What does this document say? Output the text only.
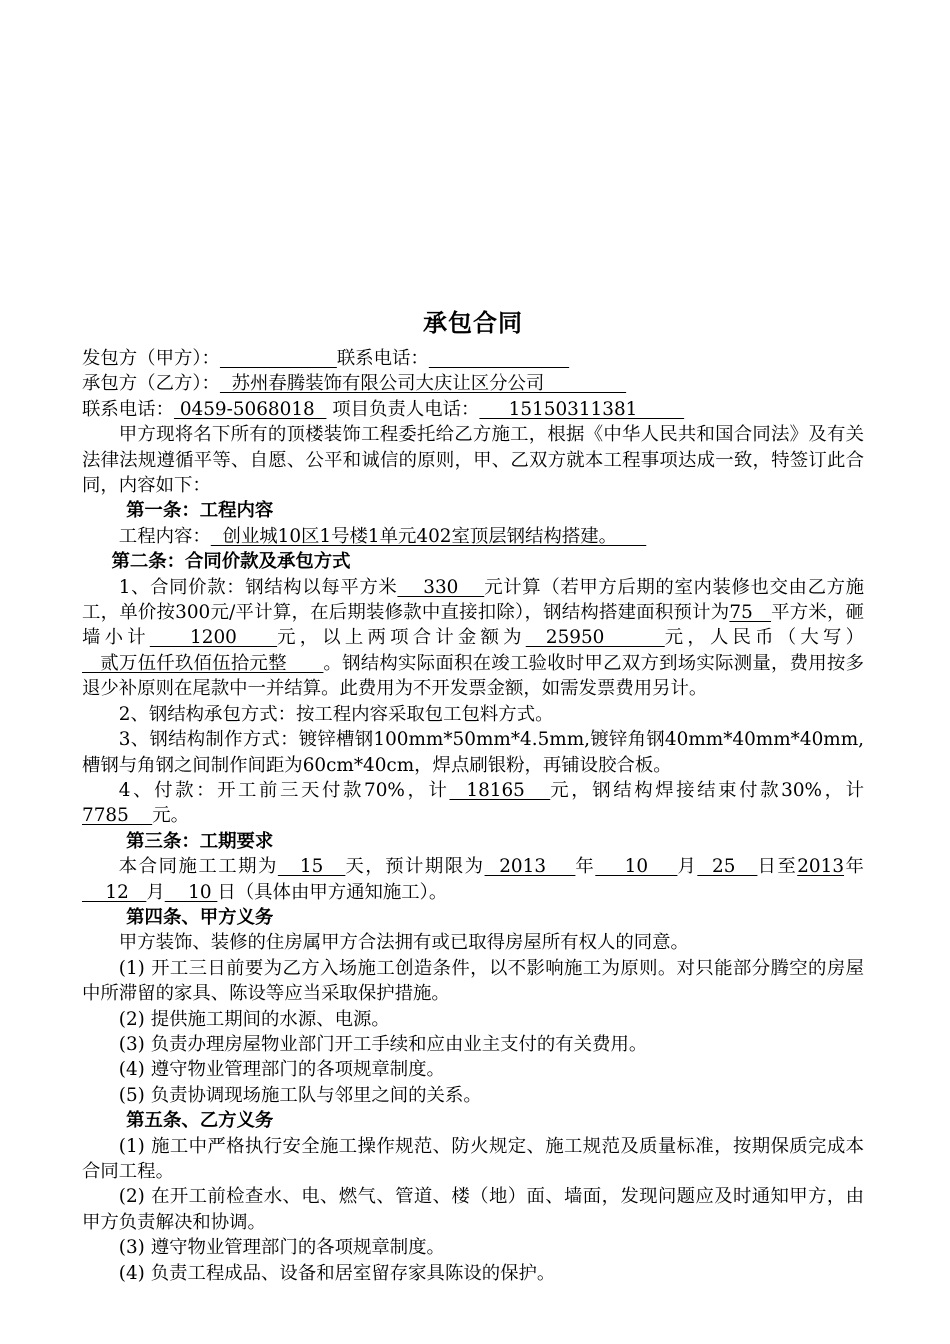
承包合同

发包方（甲方）：	联系电话：

承包方（乙方）：  苏州春腾装饰有限公司大庆让区分公司

联系电话： 0459-5068018   项目负责人电话：     15150311381

甲方现将名下所有的顶楼装饰工程委托给乙方施工，根据《中华人民共和国合同法》及有关法律法规遵循平等、自愿、公平和诚信的原则，甲、乙双方就本工程事项达成一致，特签订此合同，内容如下：

第一条：工程内容

工程内容：  创业城10区1号楼1单元402室顶层钢结构搭建。

第二条：合同价款及承包方式

1、合同价款：钢结构以每平方米    330    元计算（若甲方后期的室内装修也交由乙方施工，单价按300元/平计算，在后期装修款中直接扣除），钢结构搭建面积预计为75   平方米，砸墙小计    1200    元，以上两项合计金额为  25950      元，人民币（大写）   贰万伍仟玖佰伍拾元整      。钢结构实际面积在竣工验收时甲乙双方到场实际测量，费用按多退少补原则在尾款中一并结算。此费用为不开发票金额，如需发票费用另计。

2、钢结构承包方式：按工程内容采取包工包料方式。

3、钢结构制作方式：镀锌槽钢100mm*50mm*4.5mm,镀锌角钢40mm*40mm*40mm,槽钢与角钢之间制作间距为60cm*40cm，焊点刷银粉，再铺设胶合板。

4、付款：开工前三天付款70%，计  18165   元，钢结构焊接结束付款30%，计7785    元。

第三条：工期要求

本合同施工工期为   15   天，预计期限为  2013    年    10    月  25   日至2013年    12   月    10 日（具体由甲方通知施工）。

第四条、甲方义务

甲方装饰、装修的住房属甲方合法拥有或已取得房屋所有权人的同意。

(1) 开工三日前要为乙方入场施工创造条件，以不影响施工为原则。对只能部分腾空的房屋中所滞留的家具、陈设等应当采取保护措施。

(2) 提供施工期间的水源、电源。

(3) 负责办理房屋物业部门开工手续和应由业主支付的有关费用。

(4) 遵守物业管理部门的各项规章制度。

(5) 负责协调现场施工队与邻里之间的关系。

第五条、乙方义务

(1) 施工中严格执行安全施工操作规范、防火规定、施工规范及质量标准，按期保质完成本合同工程。

(2) 在开工前检查水、电、燃气、管道、楼（地）面、墙面，发现问题应及时通知甲方，由甲方负责解决和协调。

(3) 遵守物业管理部门的各项规章制度。

(4) 负责工程成品、设备和居室留存家具陈设的保护。
